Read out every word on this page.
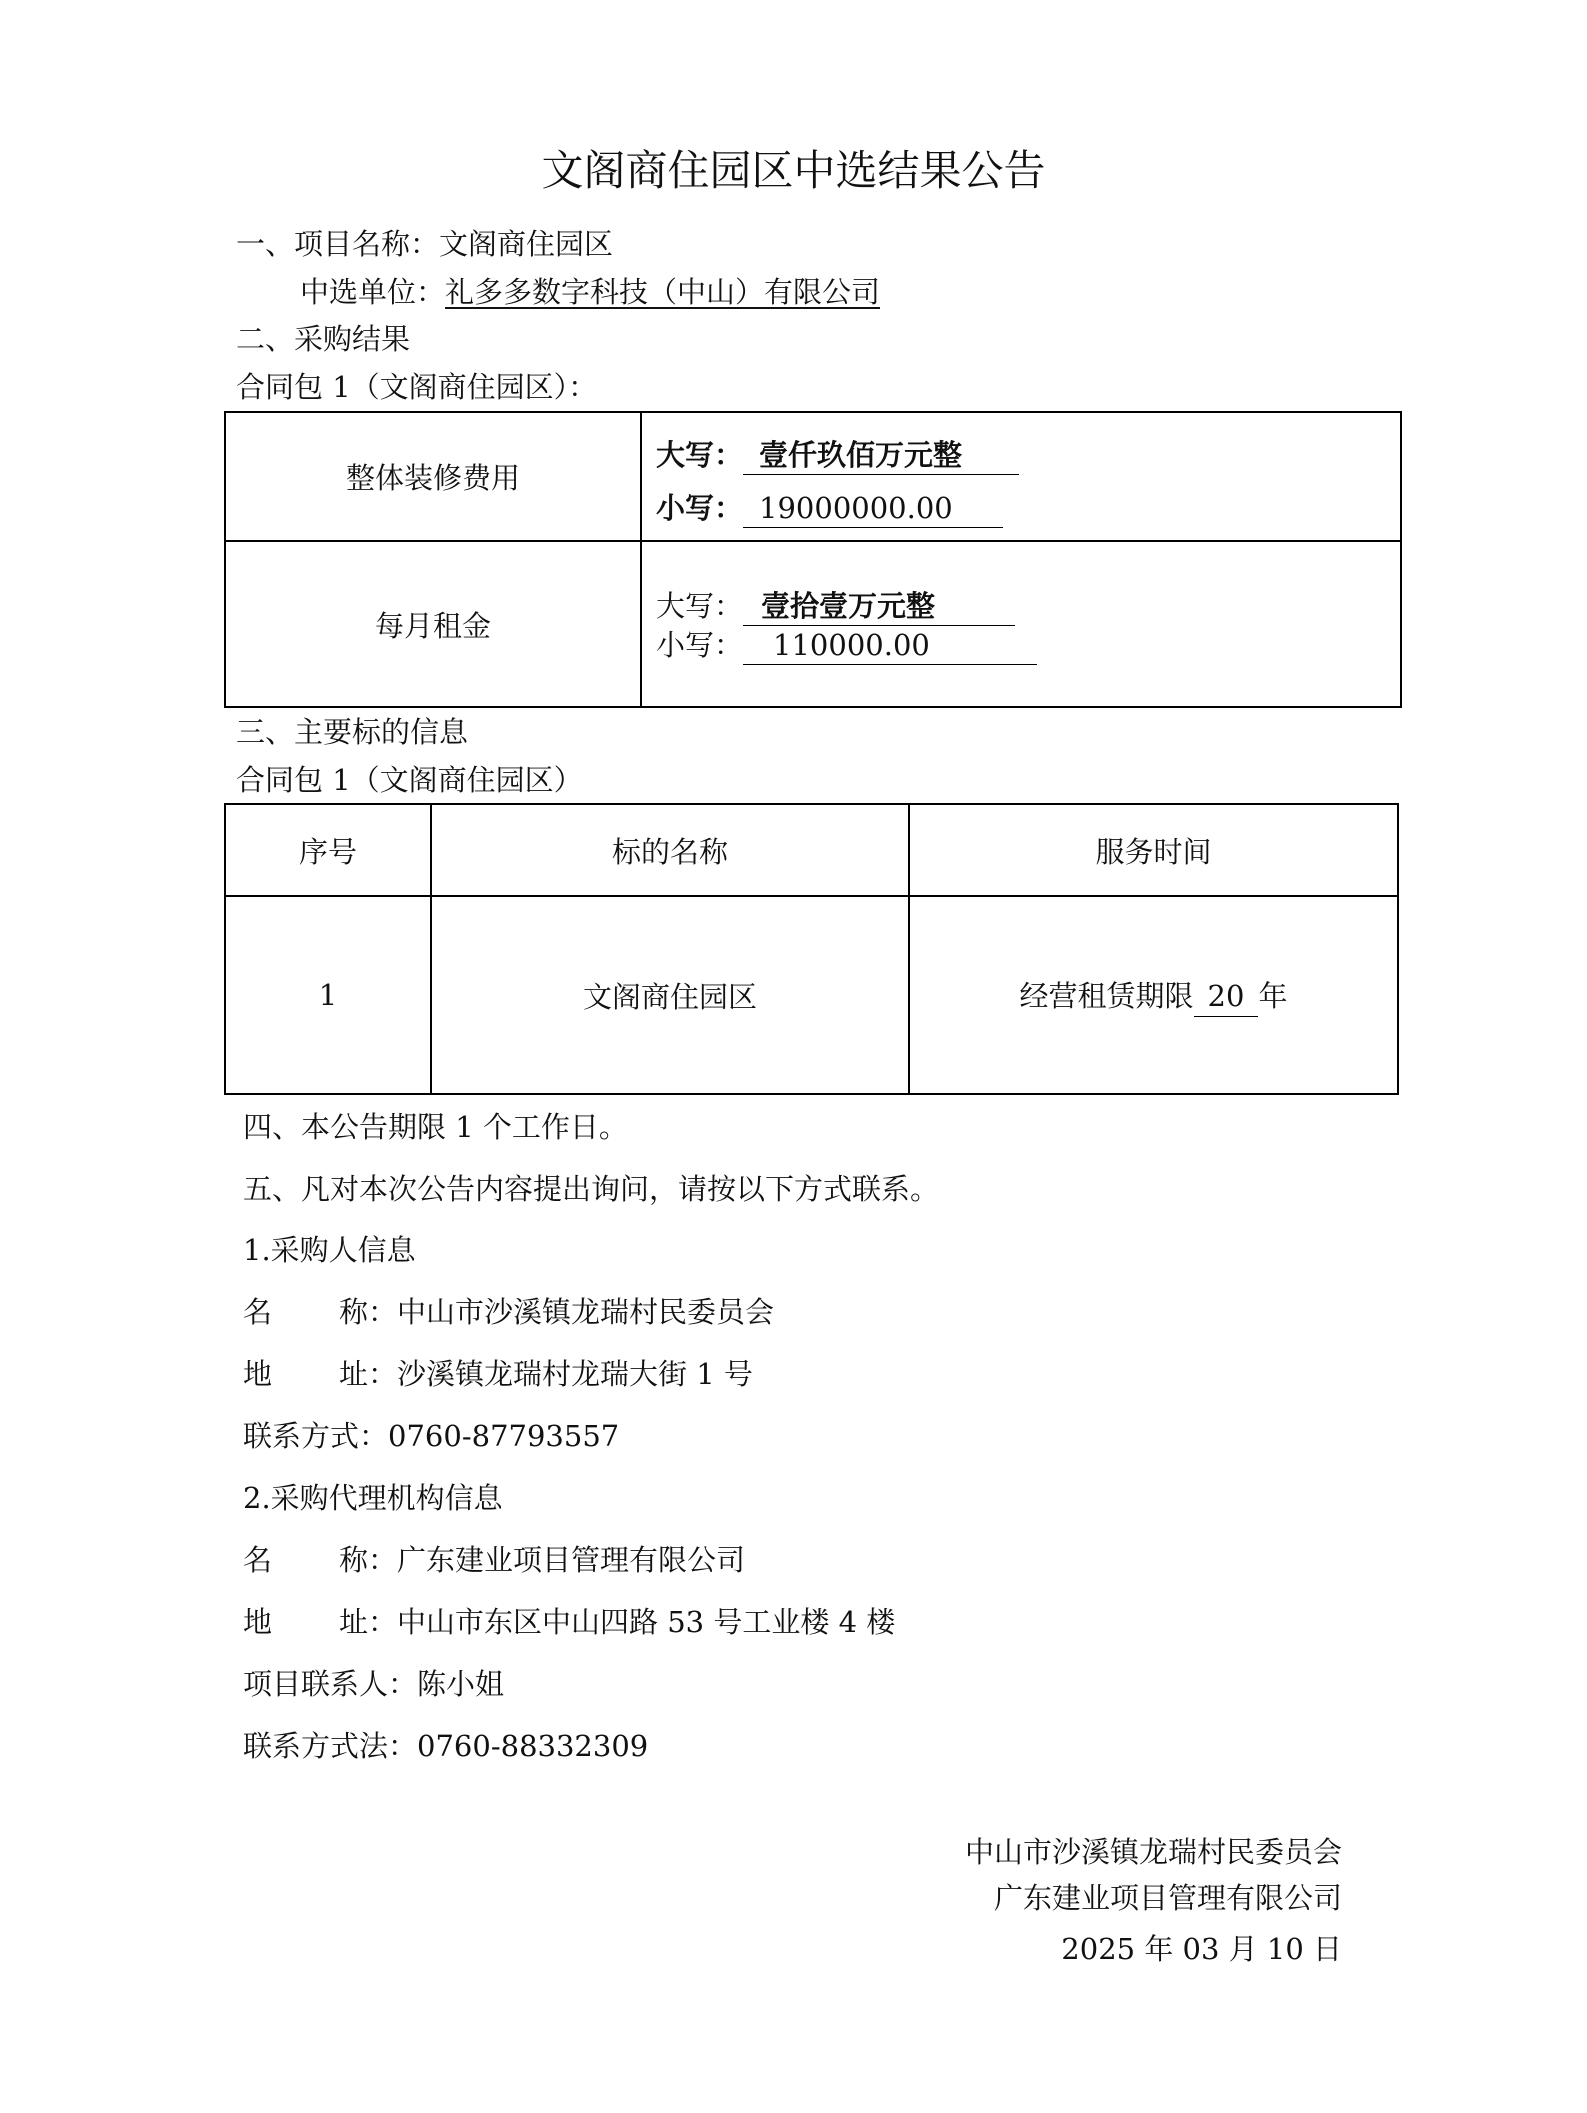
文阁商住园区中选结果公告
一、项目名称：文阁商住园区
中选单位：礼多多数字科技（中山）有限公司
二、采购结果
合同包 1（文阁商住园区）：
整体装修费用	大写： 壹仟玖佰万元整
小写： 19000000.00

每月租金	大写： 壹拾壹万元整
小写： 110000.00
三、主要标的信息
合同包 1（文阁商住园区）
序号	标的名称	服务时间
1	文阁商住园区	经营租赁期限 20 年
四、本公告期限 1 个工作日。
五、凡对本次公告内容提出询问，请按以下方式联系。
1.采购人信息
名 称：中山市沙溪镇龙瑞村民委员会
地 址：沙溪镇龙瑞村龙瑞大街 1 号
联系方式：0760-87793557
2.采购代理机构信息
名 称：广东建业项目管理有限公司
地 址：中山市东区中山四路 53 号工业楼 4 楼
项目联系人：陈小姐
联系方式法：0760-88332309
中山市沙溪镇龙瑞村民委员会
广东建业项目管理有限公司
2025 年 03 月 10 日
